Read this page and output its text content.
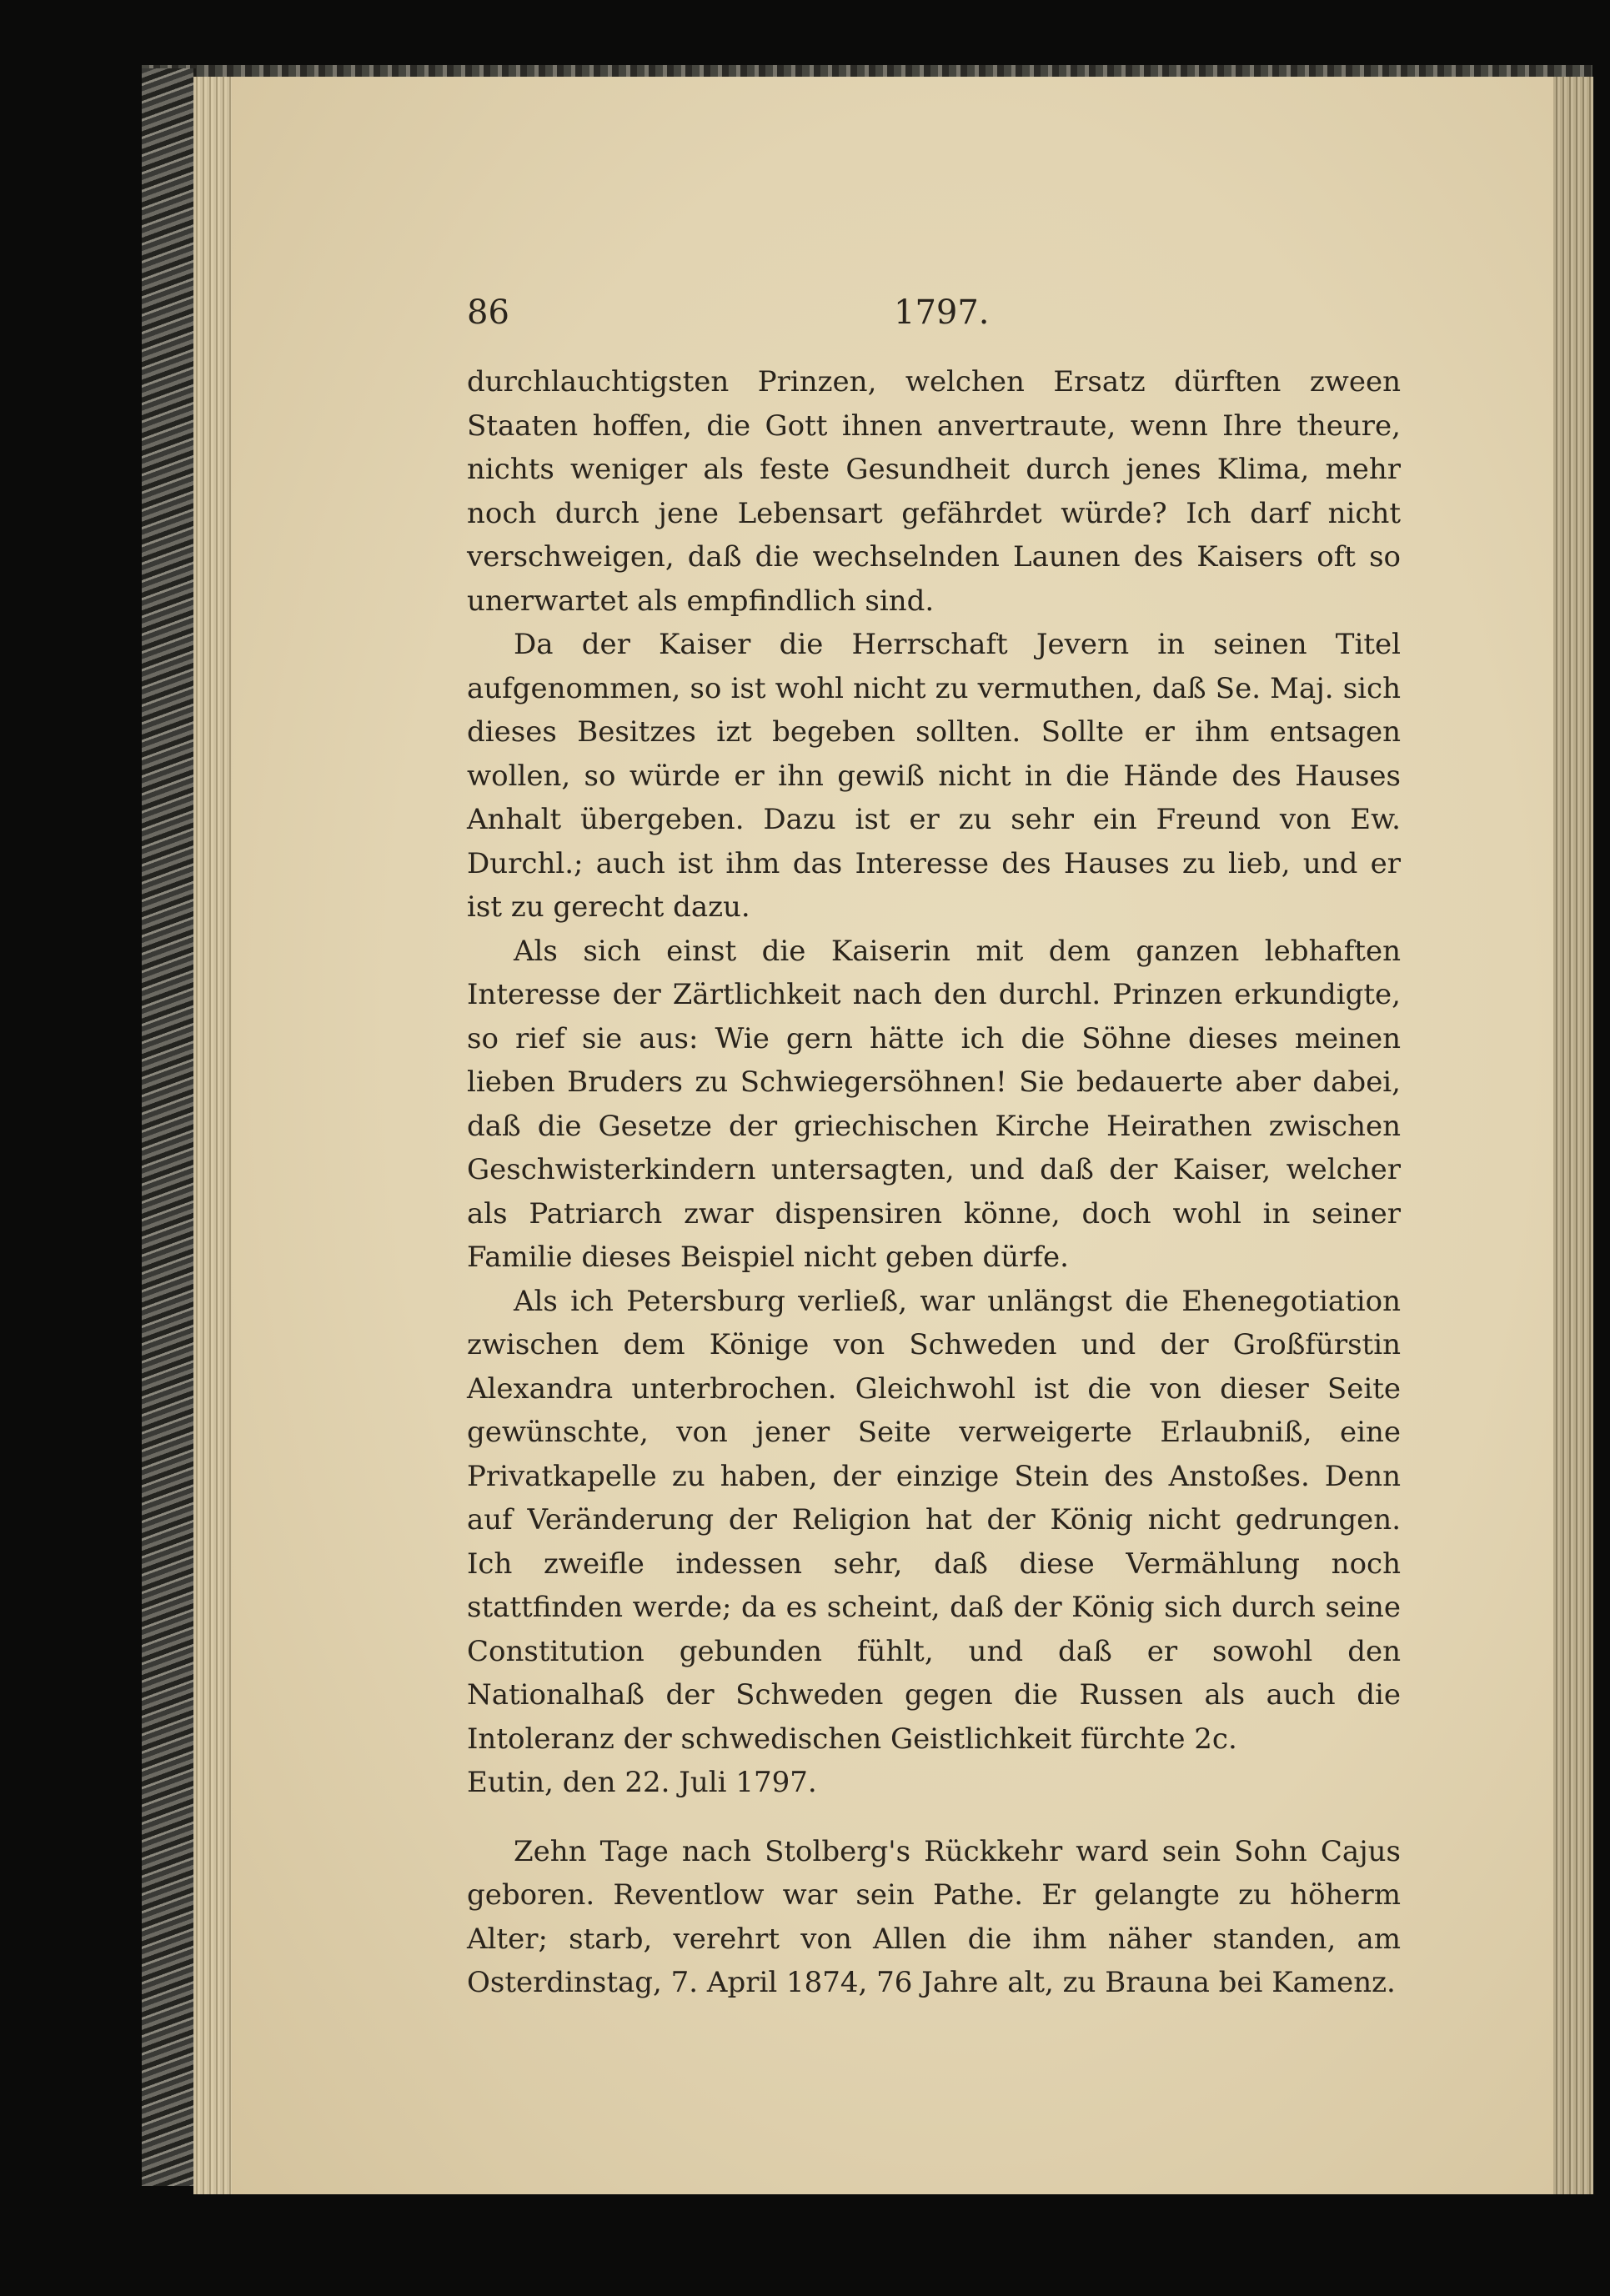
86	1797.

durchlauchtigsten Prinzen, welchen Ersatz dürften zween Staaten hoffen, die Gott ihnen anvertraute, wenn Ihre theure, nichts weniger als feste Gesundheit durch jenes Klima, mehr noch durch jene Lebensart gefährdet würde? Ich darf nicht verschweigen, daß die wechselnden Launen des Kaisers oft so unerwartet als empfindlich sind.

Da der Kaiser die Herrschaft Jevern in seinen Titel aufgenommen, so ist wohl nicht zu vermuthen, daß Se. Maj. sich dieses Besitzes izt begeben sollten. Sollte er ihm entsagen wollen, so würde er ihn gewiß nicht in die Hände des Hauses Anhalt übergeben. Dazu ist er zu sehr ein Freund von Ew. Durchl.; auch ist ihm das Interesse des Hauses zu lieb, und er ist zu gerecht dazu.

Als sich einst die Kaiserin mit dem ganzen lebhaften Interesse der Zärtlichkeit nach den durchl. Prinzen erkundigte, so rief sie aus: Wie gern hätte ich die Söhne dieses meinen lieben Bruders zu Schwiegersöhnen! Sie bedauerte aber dabei, daß die Gesetze der griechischen Kirche Heirathen zwischen Geschwisterkindern untersagten, und daß der Kaiser, welcher als Patriarch zwar dispensiren könne, doch wohl in seiner Familie dieses Beispiel nicht geben dürfe.

Als ich Petersburg verließ, war unlängst die Ehenegotiation zwischen dem Könige von Schweden und der Großfürstin Alexandra unterbrochen. Gleichwohl ist die von dieser Seite gewünschte, von jener Seite verweigerte Erlaubniß, eine Privatkapelle zu haben, der einzige Stein des Anstoßes. Denn auf Veränderung der Religion hat der König nicht gedrungen. Ich zweifle indessen sehr, daß diese Vermählung noch stattfinden werde; da es scheint, daß der König sich durch seine Constitution gebunden fühlt, und daß er sowohl den Nationalhaß der Schweden gegen die Russen als auch die Intoleranz der schwedischen Geistlichkeit fürchte 2c.

Eutin, den 22. Juli 1797.

Zehn Tage nach Stolberg's Rückkehr ward sein Sohn Cajus geboren. Reventlow war sein Pathe. Er gelangte zu höherm Alter; starb, verehrt von Allen die ihm näher standen, am Osterdinstag, 7. April 1874, 76 Jahre alt, zu Brauna bei Kamenz.
